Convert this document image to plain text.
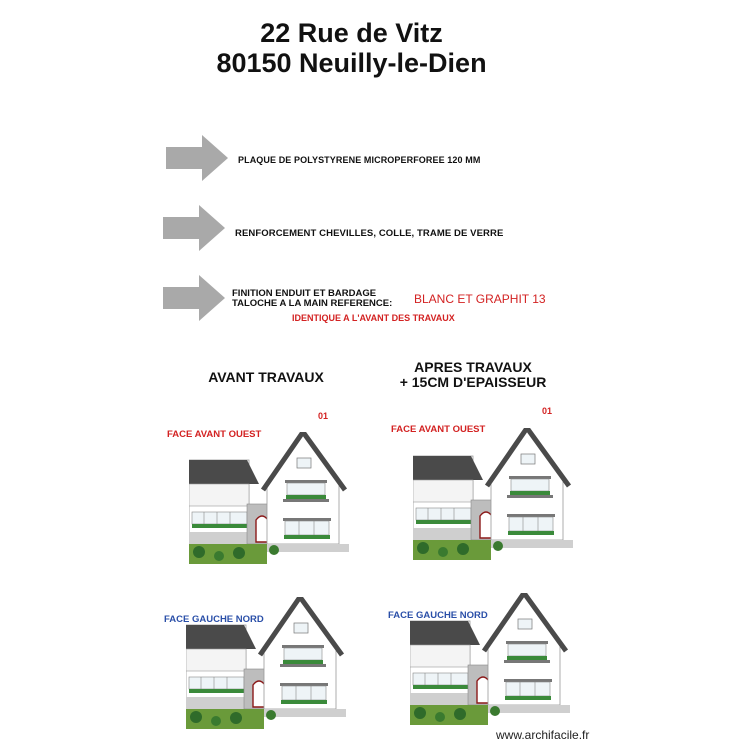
22 Rue de Vitz
80150 Neuilly-le-Dien
PLAQUE DE POLYSTYRENE MICROPERFOREE 120 MM
RENFORCEMENT CHEVILLES, COLLE, TRAME DE VERRE
FINITION ENDUIT ET BARDAGE
TALOCHE A LA MAIN REFERENCE: BLANC ET GRAPHIT 13
IDENTIQUE A L'AVANT DES TRAVAUX
AVANT TRAVAUX
APRES TRAVAUX
+ 15CM D'EPAISSEUR
FACE AVANT OUEST
01
FACE AVANT OUEST
01
FACE GAUCHE NORD	FACE GAUCHE NORD
www.archifacile.fr
